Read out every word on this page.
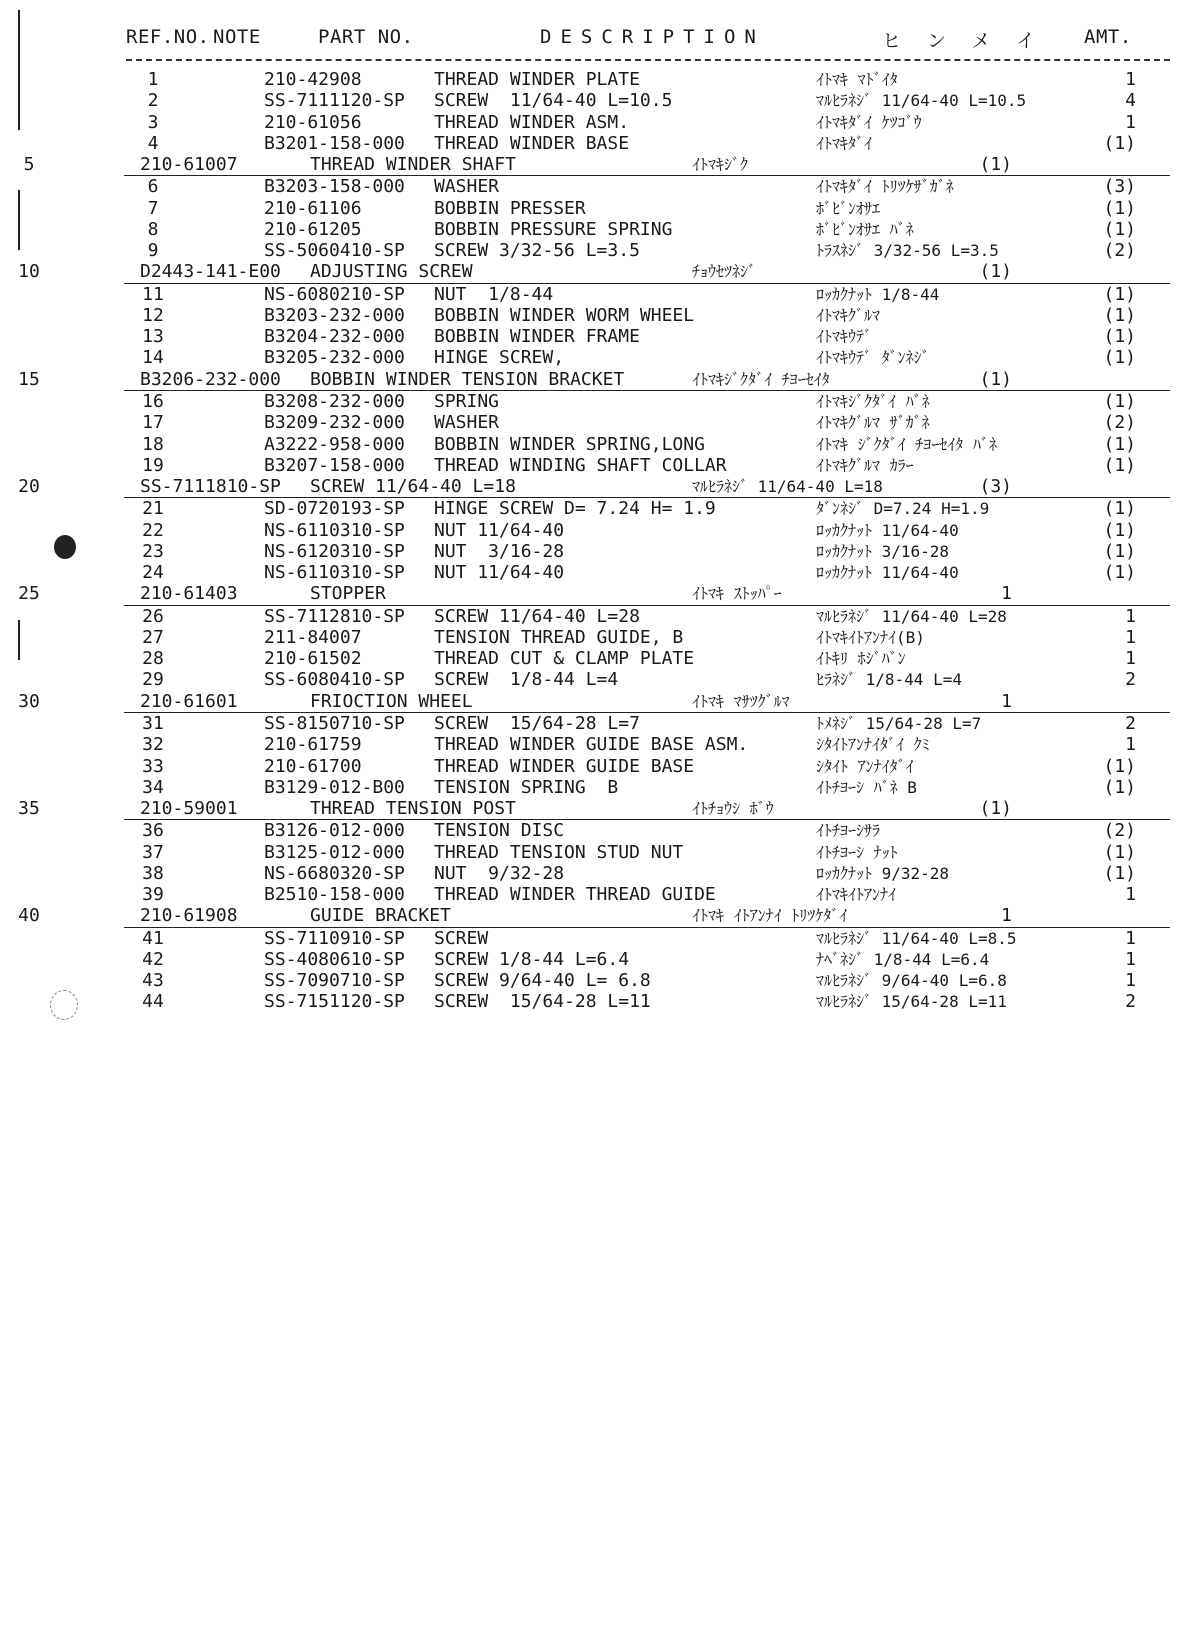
REF.NO. NOTE	PART NO.	DESCRIPTION	ヒンメイ AMT.
1	210-42908	THREAD WINDER PLATE	ｲﾄﾏｷ ﾏﾄﾞｲﾀ	1
2	SS-7111120-SP SCREW  11/64-40 L=10.5	ﾏﾙﾋﾗﾈｼﾞ 11/64-40 L=10.5	4
3	210-61056	THREAD WINDER ASM.	ｲﾄﾏｷﾀﾞｲ ｹﾂｺﾞｳ	1
4	B3201-158-000 THREAD WINDER BASE	ｲﾄﾏｷﾀﾞｲ	(1)
5	210-61007	THREAD WINDER SHAFT	ｲﾄﾏｷｼﾞｸ	(1)
6	B3203-158-000 WASHER	ｲﾄﾏｷﾀﾞｲ ﾄﾘﾂｹｻﾞｶﾞﾈ	(3)
7	210-61106	BOBBIN PRESSER	ﾎﾞﾋﾞﾝｵｻｴ	(1)
8	210-61205	BOBBIN PRESSURE SPRING	ﾎﾞﾋﾞﾝｵｻｴ ﾊﾞﾈ	(1)
9	SS-5060410-SP SCREW 3/32-56 L=3.5	ﾄﾗｽﾈｼﾞ 3/32-56 L=3.5	(2)
10	D2443-141-E00 ADJUSTING SCREW	ﾁｮｳｾﾂﾈｼﾞ	(1)
11	NS-6080210-SP NUT  1/8-44	ﾛｯｶｸﾅｯﾄ 1/8-44	(1)
12	B3203-232-000 BOBBIN WINDER WORM WHEEL	ｲﾄﾏｷｸﾞﾙﾏ	(1)
13	B3204-232-000 BOBBIN WINDER FRAME	ｲﾄﾏｷｳﾃﾞ	(1)
14	B3205-232-000 HINGE SCREW,	ｲﾄﾏｷｳﾃﾞ ﾀﾞﾝﾈｼﾞ	(1)
15	B3206-232-000 BOBBIN WINDER TENSION BRACKET	ｲﾄﾏｷｼﾞｸﾀﾞｲ ﾁﾖｰｾｲﾀ	(1)
16	B3208-232-000 SPRING	ｲﾄﾏｷｼﾞｸﾀﾞｲ ﾊﾞﾈ	(1)
17	B3209-232-000 WASHER	ｲﾄﾏｷｸﾞﾙﾏ ｻﾞｶﾞﾈ	(2)
18	A3222-958-000 BOBBIN WINDER SPRING,LONG	ｲﾄﾏｷ ｼﾞｸﾀﾞｲ ﾁﾖｰｾｲﾀ ﾊﾞﾈ	(1)
19	B3207-158-000 THREAD WINDING SHAFT COLLAR	ｲﾄﾏｷｸﾞﾙﾏ ｶﾗｰ	(1)
20	SS-7111810-SP SCREW 11/64-40 L=18	ﾏﾙﾋﾗﾈｼﾞ 11/64-40 L=18	(3)
21	SD-0720193-SP HINGE SCREW D= 7.24 H= 1.9	ﾀﾞﾝﾈｼﾞ D=7.24 H=1.9	(1)
22	NS-6110310-SP NUT 11/64-40	ﾛｯｶｸﾅｯﾄ 11/64-40	(1)
23	NS-6120310-SP NUT  3/16-28	ﾛｯｶｸﾅｯﾄ 3/16-28	(1)
24	NS-6110310-SP NUT 11/64-40	ﾛｯｶｸﾅｯﾄ 11/64-40	(1)
25	210-61403	STOPPER	ｲﾄﾏｷ ｽﾄｯﾊﾟｰ	1
26	SS-7112810-SP SCREW 11/64-40 L=28	ﾏﾙﾋﾗﾈｼﾞ 11/64-40 L=28	1
27	211-84007	TENSION THREAD GUIDE, B	ｲﾄﾏｷｲﾄｱﾝﾅｲ(B)	1
28	210-61502	THREAD CUT & CLAMP PLATE	ｲﾄｷﾘ ﾎｼﾞﾊﾞﾝ	1
29	SS-6080410-SP SCREW  1/8-44 L=4	ﾋﾗﾈｼﾞ 1/8-44 L=4	2
30	210-61601	FRIOCTION WHEEL	ｲﾄﾏｷ ﾏｻﾂｸﾞﾙﾏ	1
31	SS-8150710-SP SCREW  15/64-28 L=7	ﾄﾒﾈｼﾞ 15/64-28 L=7	2
32	210-61759	THREAD WINDER GUIDE BASE ASM.	ｼﾀｲﾄｱﾝﾅｲﾀﾞｲ ｸﾐ	1
33	210-61700	THREAD WINDER GUIDE BASE	ｼﾀｲﾄ ｱﾝﾅｲﾀﾞｲ	(1)
34	B3129-012-B00 TENSION SPRING  B	ｲﾄﾁﾖｰｼ ﾊﾞﾈ B	(1)
35	210-59001	THREAD TENSION POST	ｲﾄﾁｮｳｼ ﾎﾞｳ	(1)
36	B3126-012-000 TENSION DISC	ｲﾄﾁﾖｰｼｻﾗ	(2)
37	B3125-012-000 THREAD TENSION STUD NUT	ｲﾄﾁﾖｰｼ ﾅｯﾄ	(1)
38	NS-6680320-SP NUT  9/32-28	ﾛｯｶｸﾅｯﾄ 9/32-28	(1)
39	B2510-158-000 THREAD WINDER THREAD GUIDE	ｲﾄﾏｷｲﾄｱﾝﾅｲ	1
40	210-61908	GUIDE BRACKET	ｲﾄﾏｷ ｲﾄｱﾝﾅｲ ﾄﾘﾂｹﾀﾞｲ	1
41	SS-7110910-SP SCREW	ﾏﾙﾋﾗﾈｼﾞ 11/64-40 L=8.5	1
42	SS-4080610-SP SCREW 1/8-44 L=6.4	ﾅﾍﾞﾈｼﾞ 1/8-44 L=6.4	1
43	SS-7090710-SP SCREW 9/64-40 L= 6.8	ﾏﾙﾋﾗﾈｼﾞ 9/64-40 L=6.8	1
44	SS-7151120-SP SCREW  15/64-28 L=11	ﾏﾙﾋﾗﾈｼﾞ 15/64-28 L=11	2
